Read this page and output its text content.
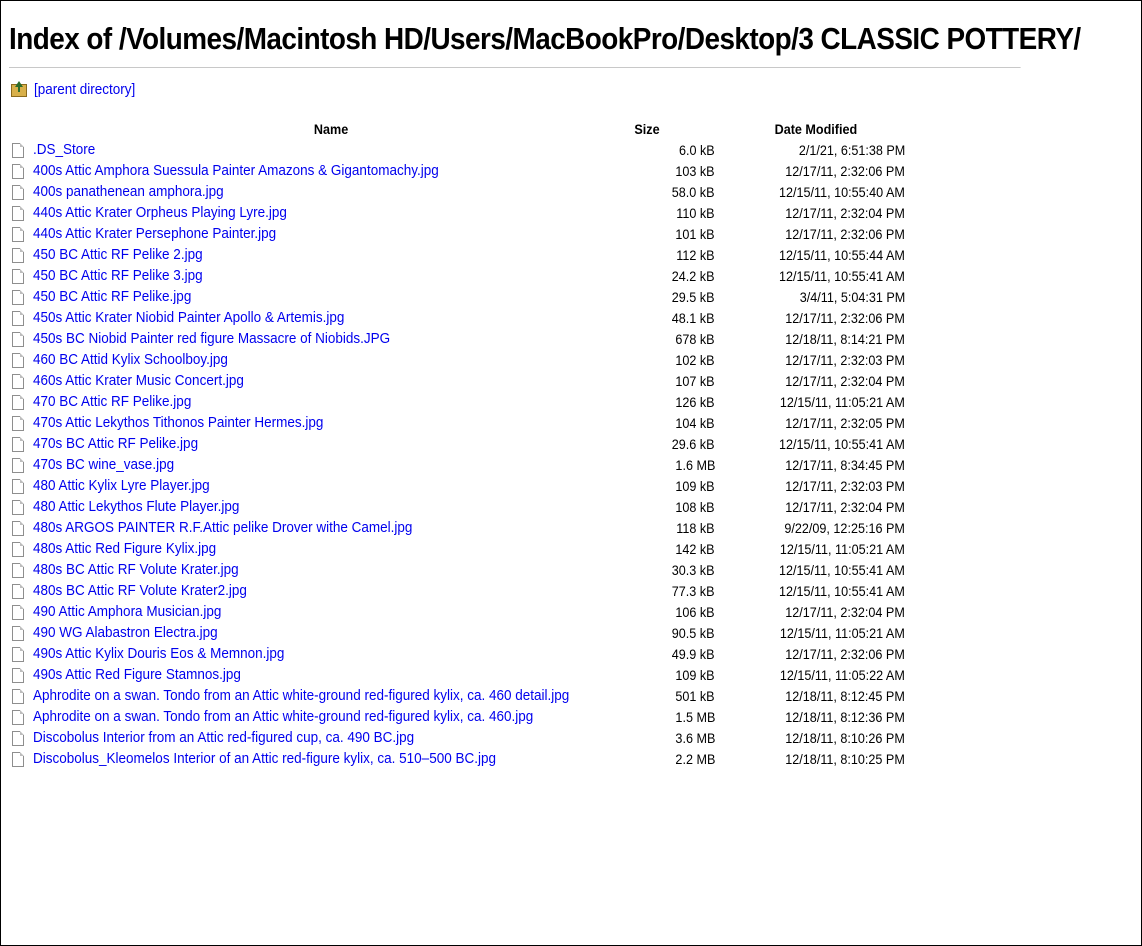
Index of /Volumes/Macintosh HD/Users/MacBookPro/Desktop/3 CLASSIC POTTERY/
[parent directory]
	Name	Size	Date Modified

	.DS_Store	6.0 kB	2/1/21, 6:51:38 PM

	400s Attic Amphora Suessula Painter Amazons & Gigantomachy.jpg	103 kB	12/17/11, 2:32:06 PM

	400s panathenean amphora.jpg	58.0 kB	12/15/11, 10:55:40 AM

	440s Attic Krater Orpheus Playing Lyre.jpg	110 kB	12/17/11, 2:32:04 PM

	440s Attic Krater Persephone Painter.jpg	101 kB	12/17/11, 2:32:06 PM

	450 BC Attic RF Pelike 2.jpg	112 kB	12/15/11, 10:55:44 AM

	450 BC Attic RF Pelike 3.jpg	24.2 kB	12/15/11, 10:55:41 AM

	450 BC Attic RF Pelike.jpg	29.5 kB	3/4/11, 5:04:31 PM

	450s Attic Krater Niobid Painter Apollo & Artemis.jpg	48.1 kB	12/17/11, 2:32:06 PM

	450s BC Niobid Painter red figure Massacre of Niobids.JPG	678 kB	12/18/11, 8:14:21 PM

	460 BC Attid Kylix Schoolboy.jpg	102 kB	12/17/11, 2:32:03 PM

	460s Attic Krater Music Concert.jpg	107 kB	12/17/11, 2:32:04 PM

	470 BC Attic RF Pelike.jpg	126 kB	12/15/11, 11:05:21 AM

	470s Attic Lekythos Tithonos Painter Hermes.jpg	104 kB	12/17/11, 2:32:05 PM

	470s BC Attic RF Pelike.jpg	29.6 kB	12/15/11, 10:55:41 AM

	470s BC wine_vase.jpg	1.6 MB	12/17/11, 8:34:45 PM

	480 Attic Kylix Lyre Player.jpg	109 kB	12/17/11, 2:32:03 PM

	480 Attic Lekythos Flute Player.jpg	108 kB	12/17/11, 2:32:04 PM

	480s ARGOS PAINTER R.F.Attic pelike Drover withe Camel.jpg	118 kB	9/22/09, 12:25:16 PM

	480s Attic Red Figure Kylix.jpg	142 kB	12/15/11, 11:05:21 AM

	480s BC Attic RF Volute Krater.jpg	30.3 kB	12/15/11, 10:55:41 AM

	480s BC Attic RF Volute Krater2.jpg	77.3 kB	12/15/11, 10:55:41 AM

	490 Attic Amphora Musician.jpg	106 kB	12/17/11, 2:32:04 PM

	490 WG Alabastron Electra.jpg	90.5 kB	12/15/11, 11:05:21 AM

	490s Attic Kylix Douris Eos & Memnon.jpg	49.9 kB	12/17/11, 2:32:06 PM

	490s Attic Red Figure Stamnos.jpg	109 kB	12/15/11, 11:05:22 AM

	Aphrodite on a swan. Tondo from an Attic white-ground red-figured kylix, ca. 460 detail.jpg	501 kB	12/18/11, 8:12:45 PM

	Aphrodite on a swan. Tondo from an Attic white-ground red-figured kylix, ca. 460.jpg	1.5 MB	12/18/11, 8:12:36 PM

	Discobolus Interior from an Attic red-figured cup, ca. 490 BC.jpg	3.6 MB	12/18/11, 8:10:26 PM

	Discobolus_Kleomelos Interior of an Attic red-figure kylix, ca. 510–500 BC.jpg	2.2 MB	12/18/11, 8:10:25 PM
